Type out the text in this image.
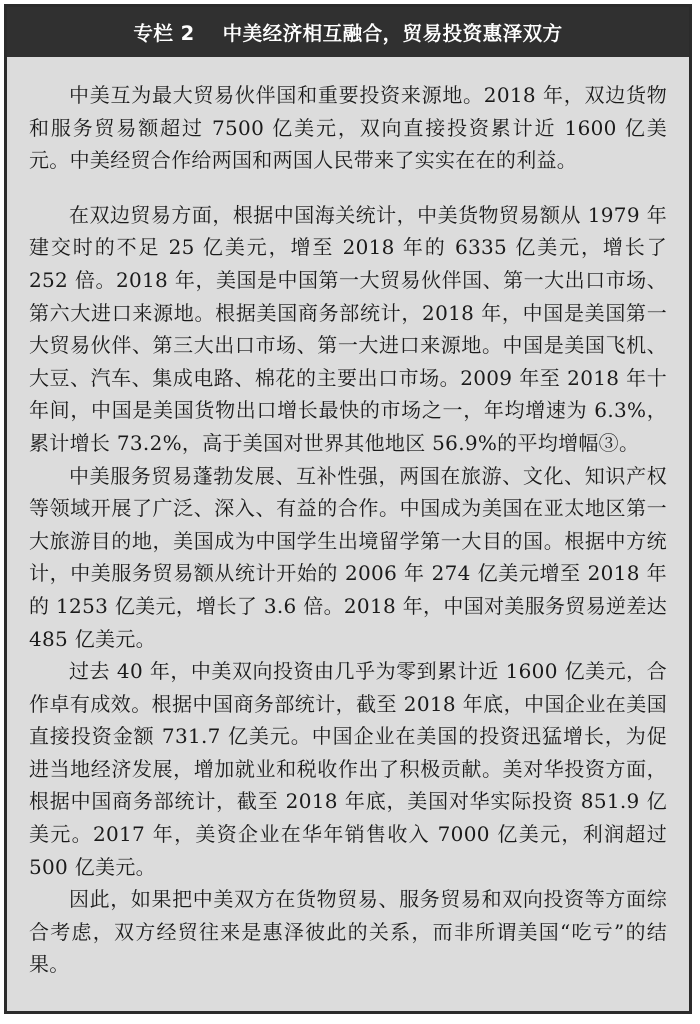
专栏 2 中美经济相互融合，贸易投资惠泽双方

中美互为最大贸易伙伴国和重要投资来源地。2018 年，双边货物和服务贸易额超过 7500 亿美元，双向直接投资累计近 1600 亿美元。中美经贸合作给两国和两国人民带来了实实在在的利益。

在双边贸易方面，根据中国海关统计，中美货物贸易额从 1979 年建交时的不足 25 亿美元，增至 2018 年的 6335 亿美元，增长了 252 倍。2018 年，美国是中国第一大贸易伙伴国、第一大出口市场、第六大进口来源地。根据美国商务部统计，2018 年，中国是美国第一大贸易伙伴、第三大出口市场、第一大进口来源地。中国是美国飞机、大豆、汽车、集成电路、棉花的主要出口市场。2009 年至 2018 年十年间，中国是美国货物出口增长最快的市场之一，年均增速为 6.3%，累计增长 73.2%，高于美国对世界其他地区 56.9%的平均增幅③。

中美服务贸易蓬勃发展、互补性强，两国在旅游、文化、知识产权等领域开展了广泛、深入、有益的合作。中国成为美国在亚太地区第一大旅游目的地，美国成为中国学生出境留学第一大目的国。根据中方统计，中美服务贸易额从统计开始的 2006 年 274 亿美元增至 2018 年的 1253 亿美元，增长了 3.6 倍。2018 年，中国对美服务贸易逆差达 485 亿美元。

过去 40 年，中美双向投资由几乎为零到累计近 1600 亿美元，合作卓有成效。根据中国商务部统计，截至 2018 年底，中国企业在美国直接投资金额 731.7 亿美元。中国企业在美国的投资迅猛增长，为促进当地经济发展，增加就业和税收作出了积极贡献。美对华投资方面，根据中国商务部统计，截至 2018 年底，美国对华实际投资 851.9 亿美元。2017 年，美资企业在华年销售收入 7000 亿美元，利润超过 500 亿美元。

因此，如果把中美双方在货物贸易、服务贸易和双向投资等方面综合考虑，双方经贸往来是惠泽彼此的关系，而非所谓美国“吃亏”的结果。
